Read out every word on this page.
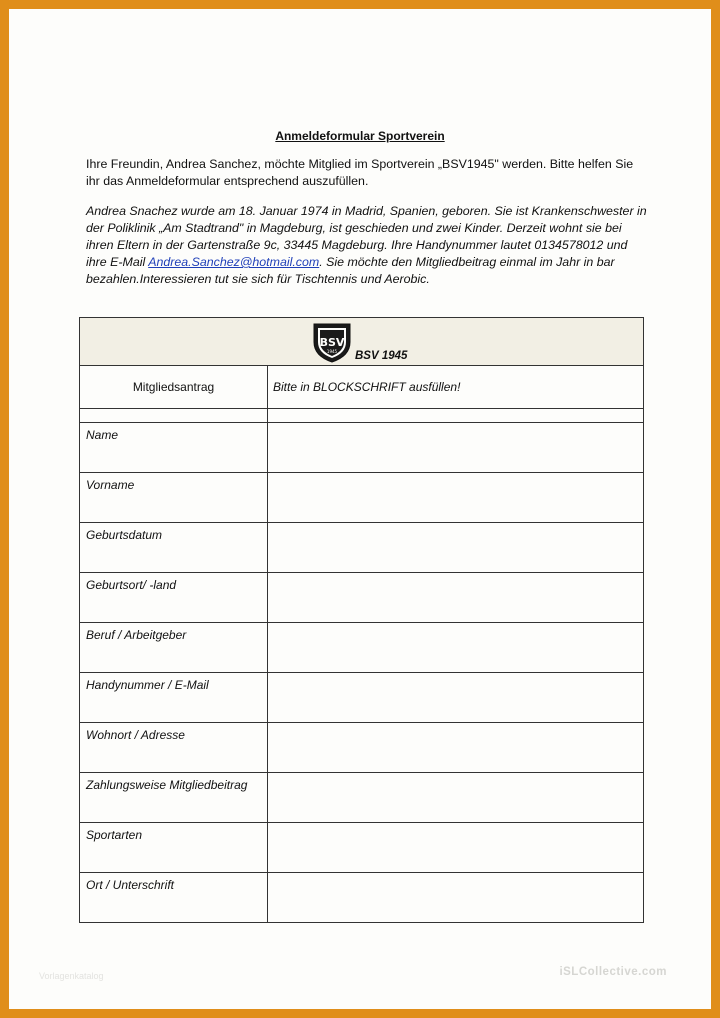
Anmeldeformular Sportverein
Ihre Freundin, Andrea Sanchez, möchte Mitglied im Sportverein „BSV1945" werden. Bitte helfen Sie ihr das Anmeldeformular entsprechend auszufüllen.
Andrea Snachez wurde am 18. Januar 1974 in Madrid, Spanien, geboren. Sie ist Krankenschwester in der Poliklinik „Am Stadtrand" in Magdeburg, ist geschieden und zwei Kinder. Derzeit wohnt sie bei ihren Eltern in der Gartenstraße 9c, 33445 Magdeburg. Ihre Handynummer lautet 0134578012 und ihre E-Mail Andrea.Sanchez@hotmail.com. Sie möchte den Mitgliedbeitrag einmal im Jahr in bar bezahlen.Interessieren tut sie sich für Tischtennis und Aerobic.
BSV
1945 BSV 1945	

Mitgliedsantrag	Bitte in BLOCKSCHRIFT ausfüllen!

Name	
Vorname	
Geburtsdatum	
Geburtsort/ -land	
Beruf / Arbeitgeber	
Handynummer / E-Mail	
Wohnort / Adresse	
Zahlungsweise Mitgliedbeitrag	
Sportarten	
Ort / Unterschrift	
Vorlagenkatalog	iSLCollective.com
